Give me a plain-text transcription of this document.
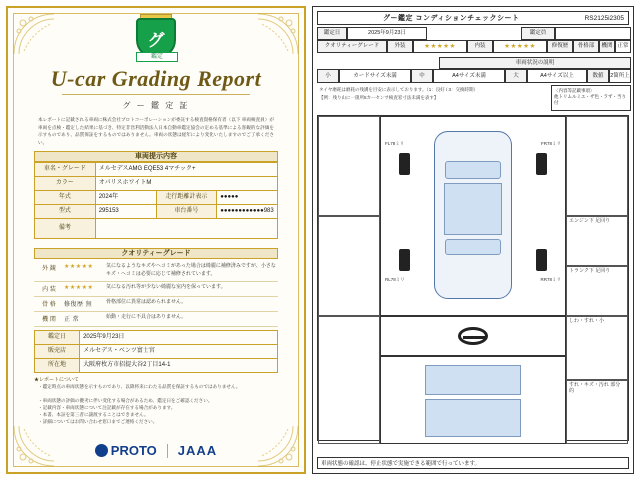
グ
鑑定
U-car Grading Report
グ ー 鑑 定 証
本レポートに記載される車両に株式会社プロトコーポレーションが委託する検査資格保有者（以下 車両検査員）が車両を点検・鑑定した結果に基づき、特定非営利活動法人日本自動車鑑定協会の定める基準による客観的な評価を示すものであり、品質保証をするものではありません。車両の状態は経年により変化いたしますのでご了承ください。
車両提示内容
車名・グレード	メルセデスAMG EQE53 4マチック+
カラー	オパリスホワイトM
年式	2024年	走行距離計表示	●●●●●
型式	295153	車台番号	●●●●●●●●●●●●983
備考
クオリティーグレード
外 観	★★★★★	気になるようなキズやヘコミがあった場合は綺麗に補修済みですが、小さなキズ・ヘコミは必要に応じて補修されています。
内 装	★★★★★	気になる汚れ等が少ない綺麗な室内を保っています。
骨 格	修復歴 無	骨格部位に異常は認められません。
機 関	正 常	始動・走行に不具合はありません。
鑑定日	2025年9月23日
販売店	メルセデス・ベンツ富士宮
所在地	大阪府枚方市招提大谷2丁目14-1
★レポートについて
・鑑定時点の車両状態を示すものであり、以降将来にわたる品質を保証するものではありません。
・車両状態の評価の優劣に伴い変化する場合があるため、鑑定日をご確認ください。
・記載内容・車両状態について注記載が存在する場合があります。
・本書、本証を第三者に譲渡することはできません。
・詳細についてはお問い合わせ窓口までご連絡ください。
PROTO JAAA
グー鑑定 コンディションチェックシート	RS2125i2305
鑑定日	2025年9月23日	鑑定員
クオリティーグレード	外装	★★★★★	内装	★★★★★	修復歴	骨格部	機関 正常
車両状況の説明
小	カードサイズ未満	中	A4サイズ未満	大	A4サイズ以上	数値	2箇所上
タイヤ磨耗は磨耗の残溝を目安に表示しております。（1：良好 / 3：交換時期）
【例：残り山に一箇所5カーセンサ検査窓寸法未満を表す】
〈内容等記載事項〉
他トリムルミエ・ザ色・ラず・当り付
エンジン下 足回り
トランク下 足回り
しわ・すれ・小
すれ・キズ・汚れ 部分的
FL78ミリ	FR78ミリ
RL78ミリ	RR78ミリ
車両状態の確認は、停止状態で実施できる範囲で行っています。
